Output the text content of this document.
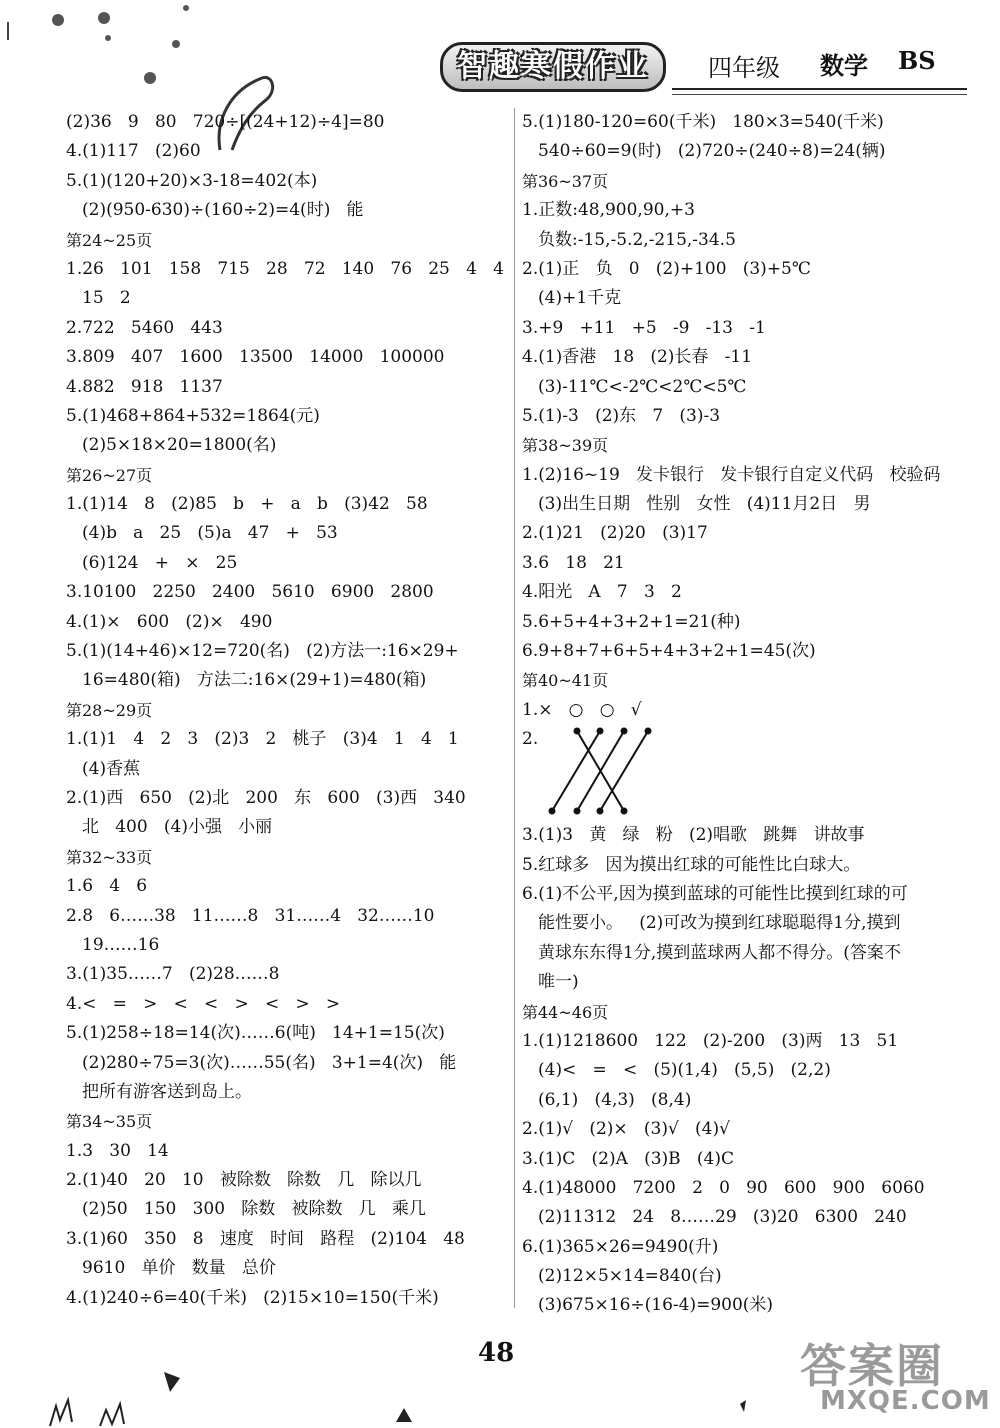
智趣寒假作业	四年级 数学 BS
(2)36   9   80   720÷[(24+12)÷4]=80
4.(1)117   (2)60
5.(1)(120+20)×3-18=402(本)
(2)(950-630)÷(160÷2)=4(时)   能
第24~25页
1.26   101   158   715   28   72   140   76   25   4   4
15   2
2.722   5460   443
3.809   407   1600   13500   14000   100000
4.882   918   1137
5.(1)468+864+532=1864(元)
(2)5×18×20=1800(名)
第26~27页
1.(1)14   8   (2)85   b   +   a   b   (3)42   58
(4)b   a   25   (5)a   47   +   53
(6)124   +   ×   25
3.10100   2250   2400   5610   6900   2800
4.(1)×   600   (2)×   490
5.(1)(14+46)×12=720(名)   (2)方法一:16×29+
16=480(箱)   方法二:16×(29+1)=480(箱)
第28~29页
1.(1)1   4   2   3   (2)3   2   桃子   (3)4   1   4   1
(4)香蕉
2.(1)西   650   (2)北   200   东   600   (3)西   340
北   400   (4)小强   小丽
第32~33页
1.6   4   6
2.8   6……38   11……8   31……4   32……10
19……16
3.(1)35……7   (2)28……8
4.<   =   >   <   <   >   <   >   >
5.(1)258÷18=14(次)……6(吨)   14+1=15(次)
(2)280÷75=3(次)……55(名)   3+1=4(次)   能
把所有游客送到岛上。
第34~35页
1.3   30   14
2.(1)40   20   10   被除数   除数   几   除以几
(2)50   150   300   除数   被除数   几   乘几
3.(1)60   350   8   速度   时间   路程   (2)104   48
9610   单价   数量   总价
4.(1)240÷6=40(千米)   (2)15×10=150(千米)
5.(1)180-120=60(千米)   180×3=540(千米)
540÷60=9(时)   (2)720÷(240÷8)=24(辆)
第36~37页
1.正数:48,900,90,+3
负数:-15,-5.2,-215,-34.5
2.(1)正   负   0   (2)+100   (3)+5℃
(4)+1千克
3.+9   +11   +5   -9   -13   -1
4.(1)香港   18   (2)长春   -11
(3)-11℃<-2℃<2℃<5℃
5.(1)-3   (2)东   7   (3)-3
第38~39页
1.(2)16~19   发卡银行   发卡银行自定义代码   校验码
(3)出生日期   性别   女性   (4)11月2日   男
2.(1)21   (2)20   (3)17
3.6   18   21
4.阳光   A   7   3   2
5.6+5+4+3+2+1=21(种)
6.9+8+7+6+5+4+3+2+1=45(次)
第40~41页
1.×   ○   ○   √
2.
3.(1)3   黄   绿   粉   (2)唱歌   跳舞   讲故事
5.红球多   因为摸出红球的可能性比白球大。
6.(1)不公平,因为摸到蓝球的可能性比摸到红球的可
能性要小。   (2)可改为摸到红球聪聪得1分,摸到
黄球东东得1分,摸到蓝球两人都不得分。(答案不
唯一)
第44~46页
1.(1)1218600   122   (2)-200   (3)两   13   51
(4)<   =   <   (5)(1,4)   (5,5)   (2,2)
(6,1)   (4,3)   (8,4)
2.(1)√   (2)×   (3)√   (4)√
3.(1)C   (2)A   (3)B   (4)C
4.(1)48000   7200   2   0   90   600   900   6060
(2)11312   24   8……29   (3)20   6300   240
6.(1)365×26=9490(升)
(2)12×5×14=840(台)
(3)675×16÷(16-4)=900(米)
48	答案圈
MXQE.COM
